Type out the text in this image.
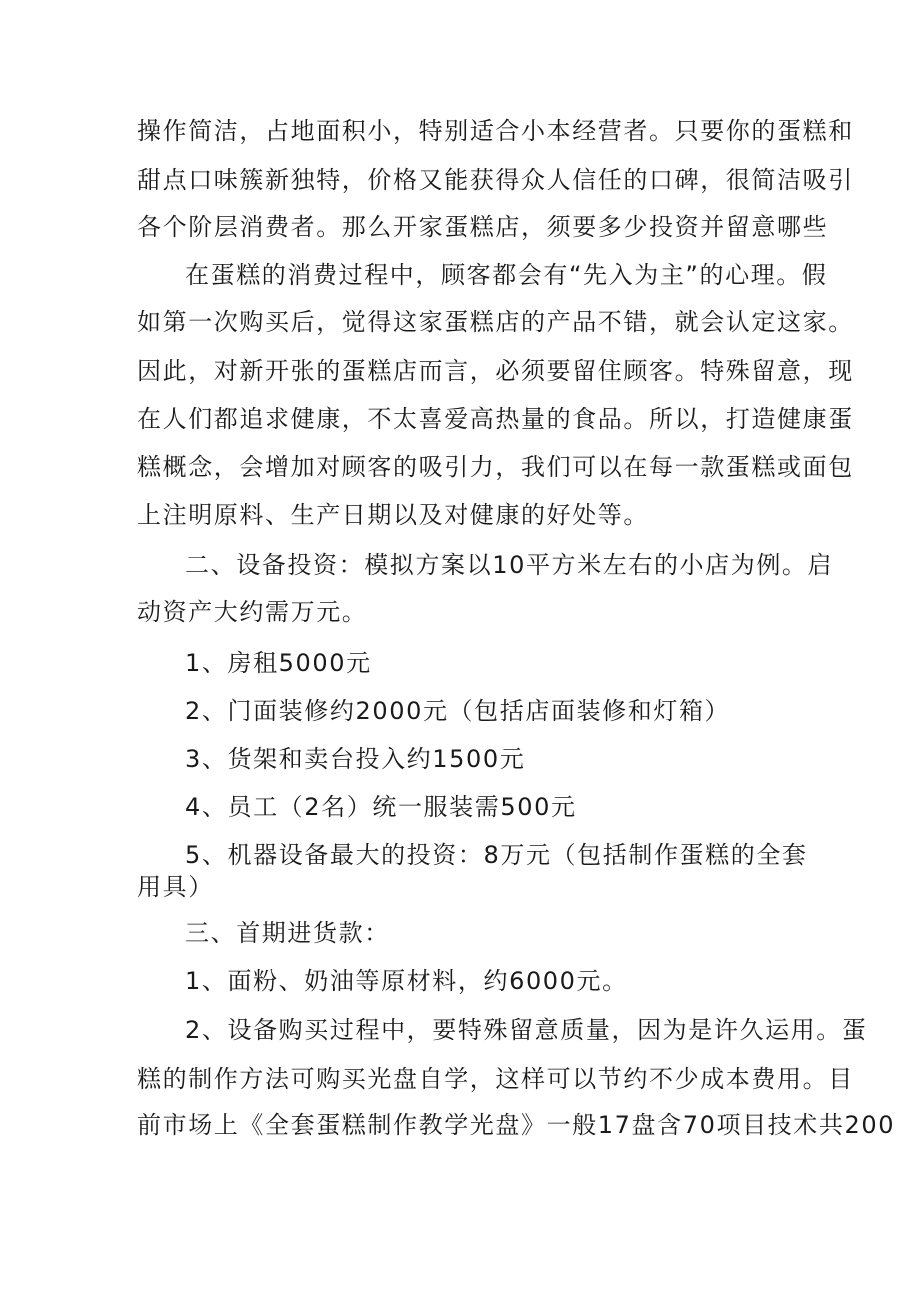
操作简洁，占地面积小，特别适合小本经营者。只要你的蛋糕和
甜点口味簇新独特，价格又能获得众人信任的口碑，很简洁吸引
各个阶层消费者。那么开家蛋糕店，须要多少投资并留意哪些
在蛋糕的消费过程中，顾客都会有“先入为主”的心理。假
如第一次购买后，觉得这家蛋糕店的产品不错，就会认定这家。
因此，对新开张的蛋糕店而言，必须要留住顾客。特殊留意，现
在人们都追求健康，不太喜爱高热量的食品。所以，打造健康蛋
糕概念，会增加对顾客的吸引力，我们可以在每一款蛋糕或面包
上注明原料、生产日期以及对健康的好处等。
二、设备投资：模拟方案以10平方米左右的小店为例。启
动资产大约需万元。
1、房租5000元
2、门面装修约2000元（包括店面装修和灯箱）
3、货架和卖台投入约1500元
4、员工（2名）统一服装需500元
5、机器设备最大的投资：8万元（包括制作蛋糕的全套
用具）
三、首期进货款：
1、面粉、奶油等原材料，约6000元。
2、设备购买过程中，要特殊留意质量，因为是许久运用。蛋
糕的制作方法可购买光盘自学，这样可以节约不少成本费用。目
前市场上《全套蛋糕制作教学光盘》一般17盘含70项目技术共200
